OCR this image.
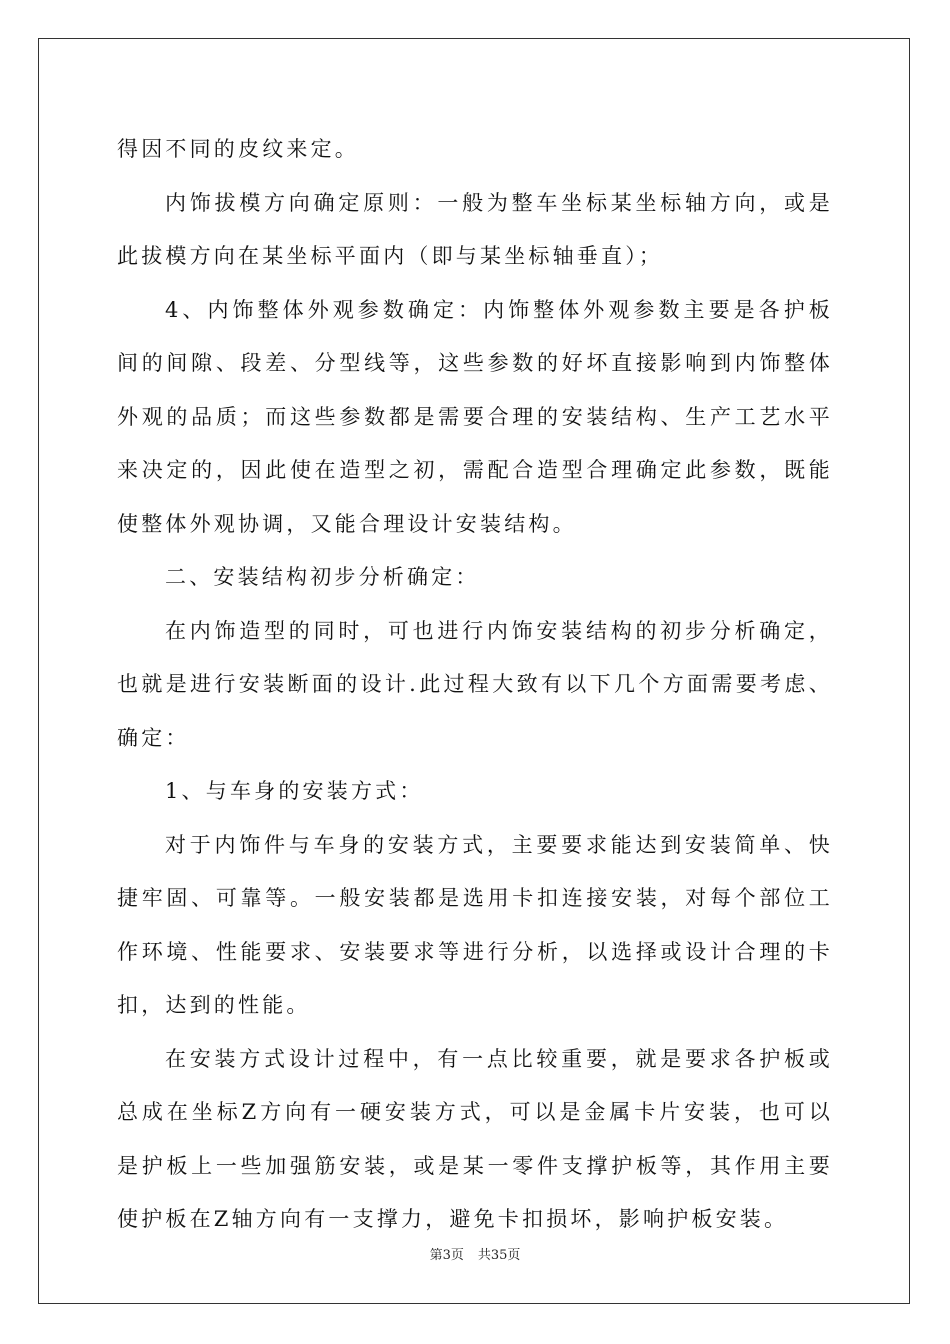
得因不同的皮纹来定。

内饰拔模方向确定原则：一般为整车坐标某坐标轴方向，或是此拔模方向在某坐标平面内（即与某坐标轴垂直）；

4、内饰整体外观参数确定：内饰整体外观参数主要是各护板间的间隙、段差、分型线等，这些参数的好坏直接影响到内饰整体外观的品质；而这些参数都是需要合理的安装结构、生产工艺水平来决定的，因此使在造型之初，需配合造型合理确定此参数，既能使整体外观协调，又能合理设计安装结构。

二、安装结构初步分析确定：

在内饰造型的同时，可也进行内饰安装结构的初步分析确定，也就是进行安装断面的设计.此过程大致有以下几个方面需要考虑、确定：

1、与车身的安装方式：

对于内饰件与车身的安装方式，主要要求能达到安装简单、快捷牢固、可靠等。一般安装都是选用卡扣连接安装，对每个部位工作环境、性能要求、安装要求等进行分析，以选择或设计合理的卡扣，达到的性能。

在安装方式设计过程中，有一点比较重要，就是要求各护板或总成在坐标Z方向有一硬安装方式，可以是金属卡片安装，也可以是护板上一些加强筋安装，或是某一零件支撑护板等，其作用主要使护板在Z轴方向有一支撑力，避免卡扣损坏，影响护板安装。

第3页 共35页
